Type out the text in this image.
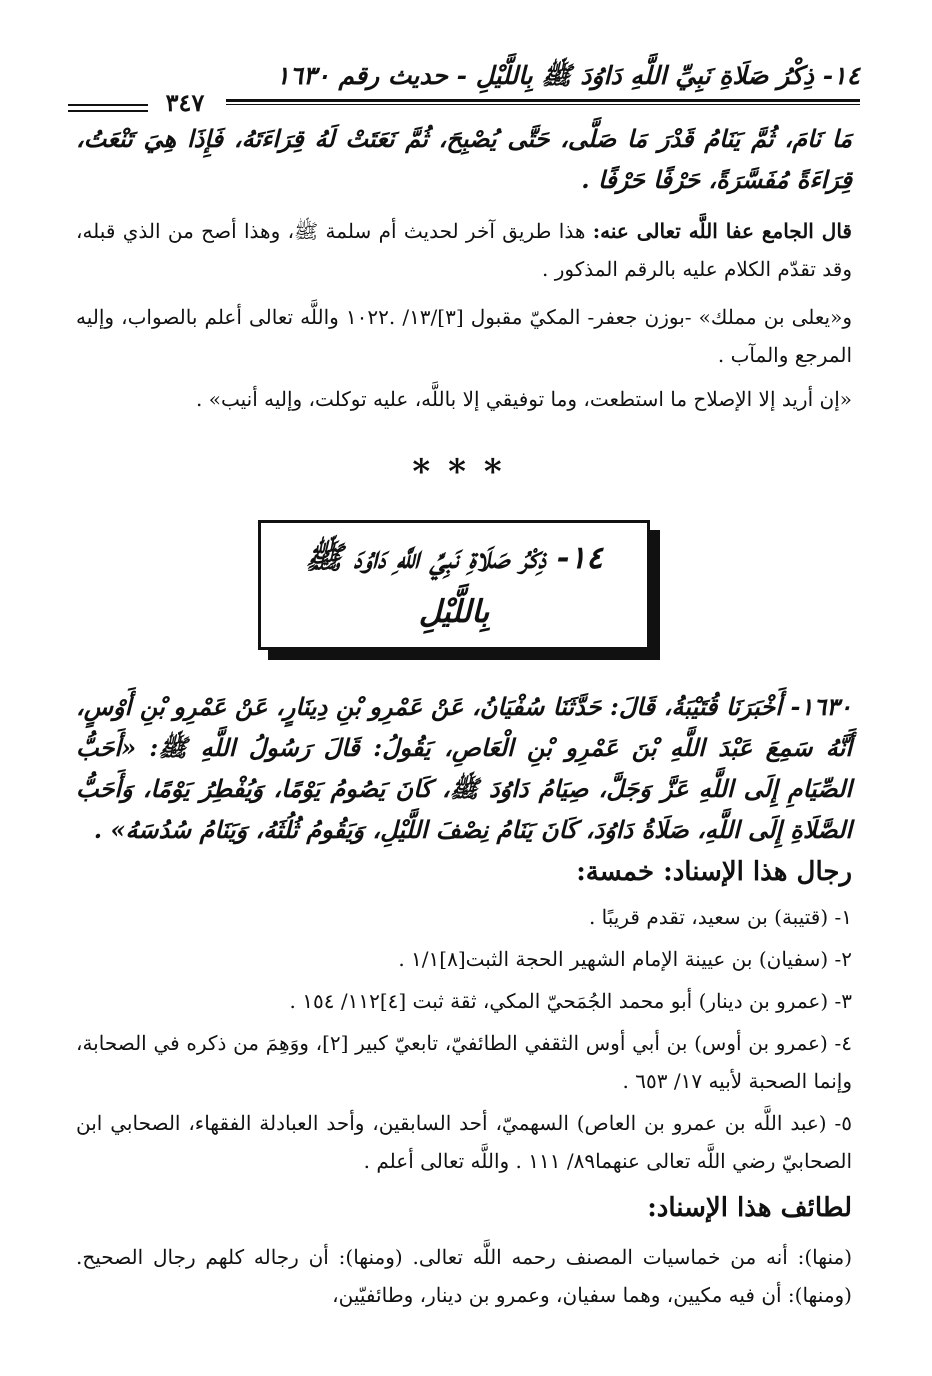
١٤- ذِكْرُ صَلَاةِ نَبِيِّ اللَّهِ دَاوُدَ ﷺ بِاللَّيْلِ - حديث رقم ١٦٣٠
٣٤٧

مَا نَامَ، ثُمَّ يَنَامُ قَدْرَ مَا صَلَّى، حَتَّى يُصْبِحَ، ثُمَّ نَعَتَتْ لَهُ قِرَاءَتَهُ، فَإِذَا هِيَ تَنْعَتُ، قِرَاءَةً مُفَسَّرَةً، حَرْفًا حَرْفًا .

قال الجامع عفا اللَّه تعالى عنه: هذا طريق آخر لحديث أم سلمة ﷺ، وهذا أصح من الذي قبله، وقد تقدّم الكلام عليه بالرقم المذكور .

و«يعلى بن مملك» -بوزن جعفر- المكيّ مقبول [٣]/١٣/ .١٠٢٢ واللَّه تعالى أعلم بالصواب، وإليه المرجع والمآب .

«إن أريد إلا الإصلاح ما استطعت، وما توفيقي إلا باللَّه، عليه توكلت، وإليه أنيب» .

***
١٤- ذِكْرُ صَلَاةِ نَبِيِّ اللَّهِ دَاوُدَ ﷺ
بِاللَّيْلِ

١٦٣٠- أَخْبَرَنَا قُتَيْبَةُ، قَالَ: حَدَّثَنَا سُفْيَانُ، عَنْ عَمْرِو بْنِ دِينَارٍ، عَنْ عَمْرِو بْنِ أَوْسٍ، أَنَّهُ سَمِعَ عَبْدَ اللَّهِ بْنَ عَمْرِو بْنِ الْعَاصِ، يَقُولُ: قَالَ رَسُولُ اللَّهِ ﷺ: «أَحَبُّ الصِّيَامِ إِلَى اللَّهِ عَزَّ وَجَلَّ، صِيَامُ دَاوُدَ ﷺ، كَانَ يَصُومُ يَوْمًا، وَيُفْطِرُ يَوْمًا، وَأَحَبُّ الصَّلَاةِ إِلَى اللَّهِ، صَلَاةُ دَاوُدَ، كَانَ يَنَامُ نِصْفَ اللَّيْلِ، وَيَقُومُ ثُلُثَهُ، وَيَنَامُ سُدُسَهُ» .

رجال هذا الإسناد: خمسة:

١- (قتيبة) بن سعيد، تقدم قريبًا .

٢- (سفيان) بن عيينة الإمام الشهير الحجة الثبت[٨]١/١ .

٣- (عمرو بن دينار) أبو محمد الجُمَحيّ المكي، ثقة ثبت [٤]١١٢/ ١٥٤ .

٤- (عمرو بن أوس) بن أبي أوس الثقفي الطائفيّ، تابعيّ كبير [٢]، ووَهِمَ من ذكره في الصحابة، وإنما الصحبة لأبيه ١٧/ ٦٥٣ .

٥- (عبد اللَّه بن عمرو بن العاص) السهميّ، أحد السابقين، وأحد العبادلة الفقهاء، الصحابي ابن الصحابيّ رضي اللَّه تعالى عنهما٨٩/ ١١١ . واللَّه تعالى أعلم .

لطائف هذا الإسناد:

(منها): أنه من خماسيات المصنف رحمه اللَّه تعالى. (ومنها): أن رجاله كلهم رجال الصحيح. (ومنها): أن فيه مكيين، وهما سفيان، وعمرو بن دينار، وطائفيّين،
